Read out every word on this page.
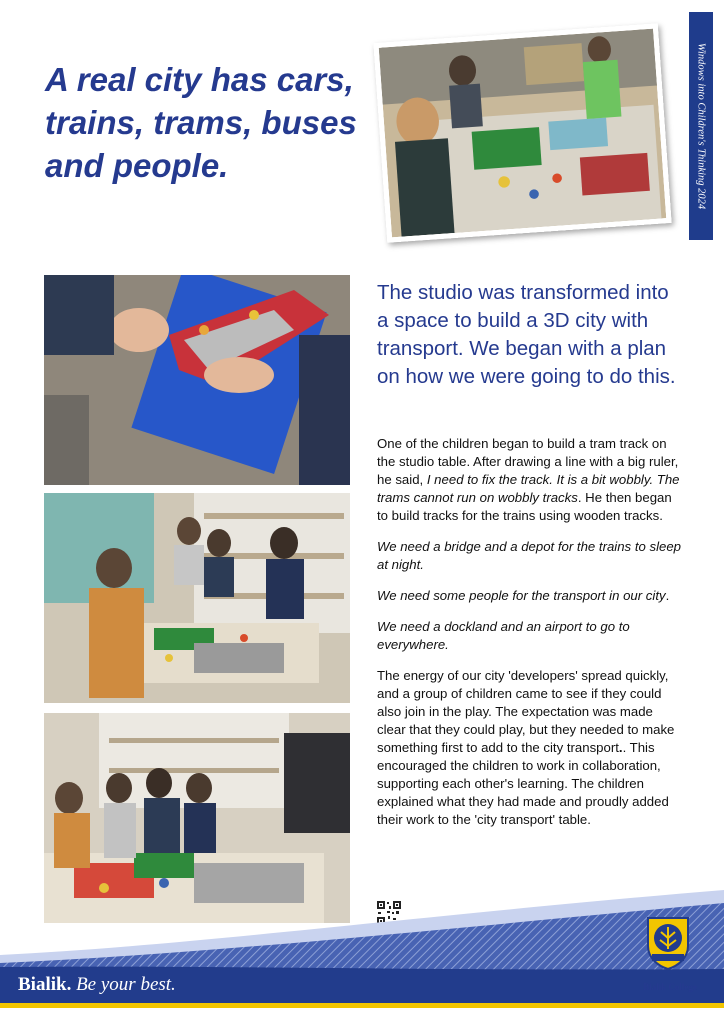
Windows into Children's Thinking 2024
A real city has cars, trains, trams, buses and people.

The studio was transformed into a space to build a 3D city with transport. We began with a plan on how we were going to do this.

One of the children began to build a tram track on the studio table. After drawing a line with a big ruler, he said, I need to fix the track. It is a bit wobbly. The trams cannot run on wobbly tracks. He then began to build tracks for the trains using wooden tracks.

We need a bridge and a depot for the trains to sleep at night.

We need some people for the transport in our city.

We need a dockland and an airport to go to everywhere.

The energy of our city 'developers' spread quickly, and a group of children came to see if they could also join in the play. The expectation was made clear that they could play, but they needed to make something first to add to the city transport.. This encouraged the children to work in collaboration, supporting each other's learning. The children explained what they had made and proudly added their work to the 'city transport' table.

Bialik. Be your best.	Bialik College
